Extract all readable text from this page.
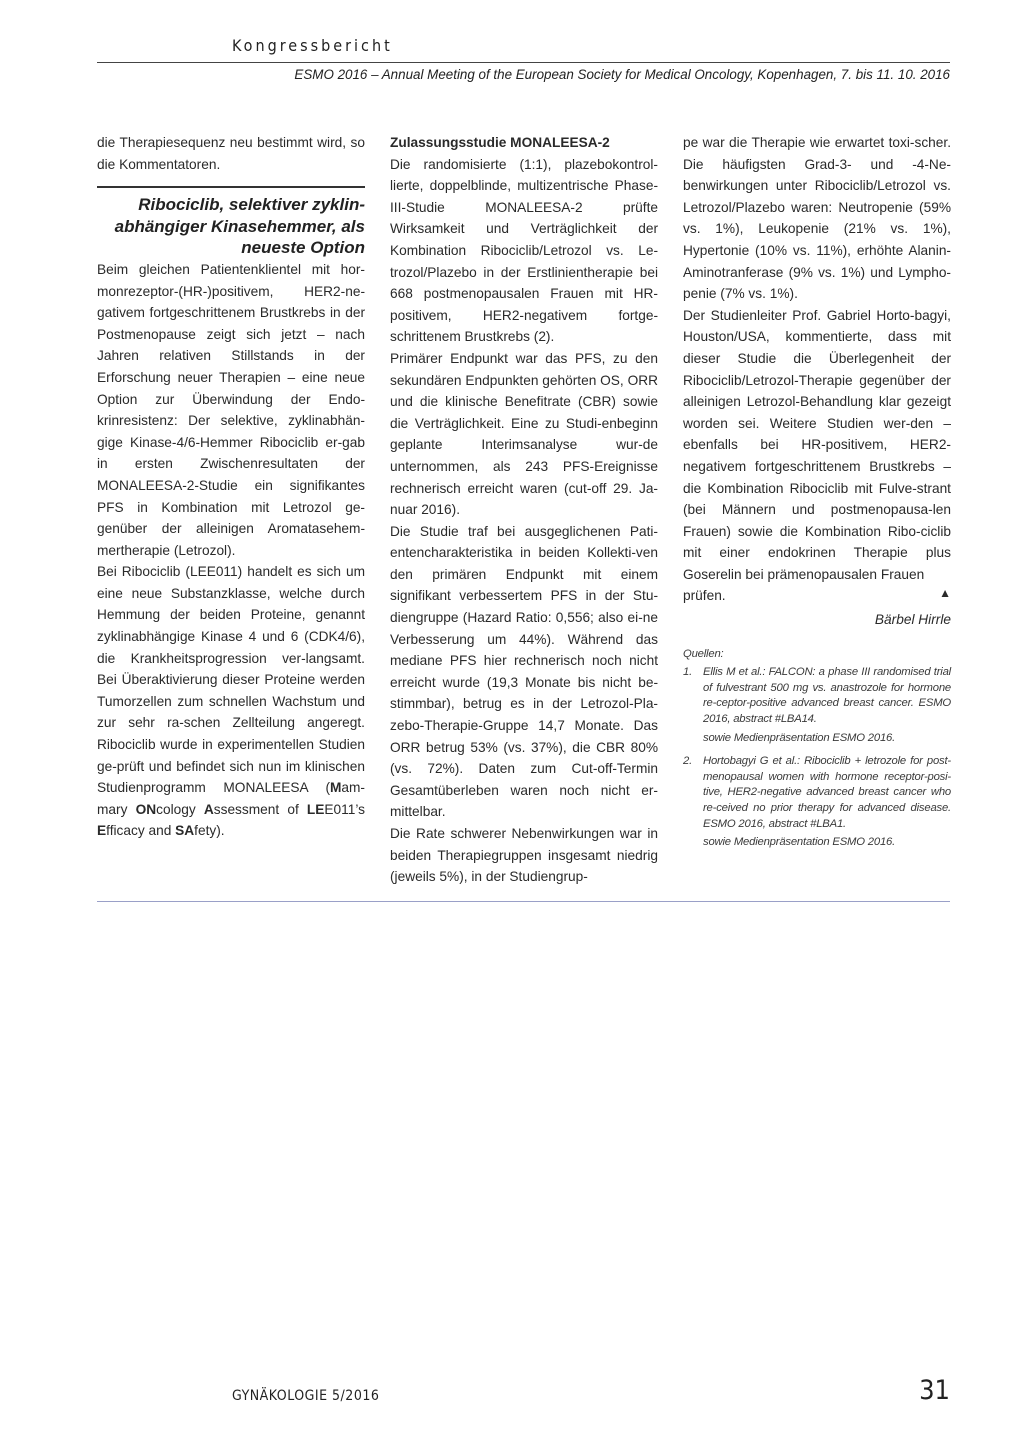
Kongressbericht
ESMO 2016 – Annual Meeting of the European Society for Medical Oncology, Kopenhagen, 7. bis 11. 10. 2016

die Therapiesequenz neu bestimmt wird, so die Kommentatoren.

Ribociclib, selektiver zyklin-abhängiger Kinasehemmer, als neueste Option

Beim gleichen Patientenklientel mit hor-monrezeptor-(HR-)positivem, HER2-ne-gativem fortgeschrittenem Brustkrebs in der Postmenopause zeigt sich jetzt – nach Jahren relativen Stillstands in der Erforschung neuer Therapien – eine neue Option zur Überwindung der Endo-krinresistenz: Der selektive, zyklinabhän-gige Kinase-4/6-Hemmer Ribociclib er-gab in ersten Zwischenresultaten der MONALEESA-2-Studie ein signifikantes PFS in Kombination mit Letrozol ge-genüber der alleinigen Aromatasehem-mertherapie (Letrozol).

Bei Ribociclib (LEE011) handelt es sich um eine neue Substanzklasse, welche durch Hemmung der beiden Proteine, genannt zyklinabhängige Kinase 4 und 6 (CDK4/6), die Krankheitsprogression ver-langsamt. Bei Überaktivierung dieser Proteine werden Tumorzellen zum schnellen Wachstum und zur sehr ra-schen Zellteilung angeregt. Ribociclib wurde in experimentellen Studien ge-prüft und befindet sich nun im klinischen Studienprogramm MONALEESA (Mam-mary ONcology Assessment of LEE011’s Efficacy and SAfety).

Zulassungsstudie MONALEESA-2

Die randomisierte (1:1), plazebokontrol-lierte, doppelblinde, multizentrische Phase-III-Studie MONALEESA-2 prüfte Wirksamkeit und Verträglichkeit der Kombination Ribociclib/Letrozol vs. Le-trozol/Plazebo in der Erstlinientherapie bei 668 postmenopausalen Frauen mit HR-positivem, HER2-negativem fortge-schrittenem Brustkrebs (2).

Primärer Endpunkt war das PFS, zu den sekundären Endpunkten gehörten OS, ORR und die klinische Benefitrate (CBR) sowie die Verträglichkeit. Eine zu Studi-enbeginn geplante Interimsanalyse wur-de unternommen, als 243 PFS-Ereignisse rechnerisch erreicht waren (cut-off 29. Ja-nuar 2016).

Die Studie traf bei ausgeglichenen Pati-entencharakteristika in beiden Kollekti-ven den primären Endpunkt mit einem signifikant verbessertem PFS in der Stu-diengruppe (Hazard Ratio: 0,556; also ei-ne Verbesserung um 44%). Während das mediane PFS hier rechnerisch noch nicht erreicht wurde (19,3 Monate bis nicht be-stimmbar), betrug es in der Letrozol-Pla-zebo-Therapie-Gruppe 14,7 Monate. Das ORR betrug 53% (vs. 37%), die CBR 80% (vs. 72%). Daten zum Cut-off-Termin Gesamtüberleben waren noch nicht er-mittelbar.

Die Rate schwerer Nebenwirkungen war in beiden Therapiegruppen insgesamt niedrig (jeweils 5%), in der Studiengrup-

pe war die Therapie wie erwartet toxi-scher. Die häufigsten Grad-3- und -4-Ne-benwirkungen unter Ribociclib/Letrozol vs. Letrozol/Plazebo waren: Neutropenie (59% vs. 1%), Leukopenie (21% vs. 1%), Hypertonie (10% vs. 11%), erhöhte Alanin-Aminotranferase (9% vs. 1%) und Lympho-penie (7% vs. 1%).

Der Studienleiter Prof. Gabriel Horto-bagyi, Houston/USA, kommentierte, dass mit dieser Studie die Überlegenheit der Ribociclib/Letrozol-Therapie gegenüber der alleinigen Letrozol-Behandlung klar gezeigt worden sei. Weitere Studien wer-den – ebenfalls bei HR-positivem, HER2-negativem fortgeschrittenem Brustkrebs – die Kombination Ribociclib mit Fulve-strant (bei Männern und postmenopausa-len Frauen) sowie die Kombination Ribo-ciclib mit einer endokrinen Therapie plus Goserelin bei prämenopausalen Frauen

prüfen.	▲
Bärbel Hirrle
Quellen:
1. Ellis M et al.: FALCON: a phase III randomised trial of fulvestrant 500 mg vs. anastrozole for hormone re-ceptor-positive advanced breast cancer. ESMO 2016, abstract #LBA14.
sowie Medienpräsentation ESMO 2016.
2. Hortobagyi G et al.: Ribociclib + letrozole for post-menopausal women with hormone receptor-posi-tive, HER2-negative advanced breast cancer who re-ceived no prior therapy for advanced disease. ESMO 2016, abstract #LBA1.
sowie Medienpräsentation ESMO 2016.
GYNÄKOLOGIE 5/2016	31
